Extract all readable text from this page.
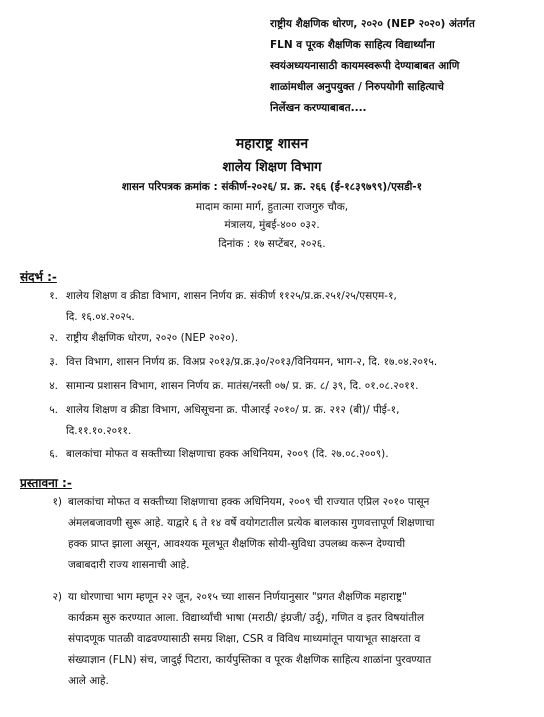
राष्ट्रीय शैक्षणिक धोरण, २०२० (NEP २०२०) अंतर्गत
FLN व पूरक शैक्षणिक साहित्य विद्यार्थ्यांना
स्वयंअध्ययनासाठी कायमस्वरूपी देण्याबाबत आणि
शाळांमधील अनुपयुक्त / निरुपयोगी साहित्याचे
निर्लेखन करण्याबाबत....
महाराष्ट्र शासन
शालेय शिक्षण विभाग
शासन परिपत्रक क्रमांक : संकीर्ण-२०२६/ प्र. क्र. २६६ (ई-१८३९७९९)/एसडी-१
मादाम कामा मार्ग, हुतात्मा राजगुरु चौक,
मंत्रालय, मुंबई-४०० ०३२.
दिनांक : १७ सप्टेंबर, २०२६.
संदर्भ :-
१. शालेय शिक्षण व क्रीडा विभाग, शासन निर्णय क्र. संकीर्ण ११२५/प्र.क्र.२५१/२५/एसएम-१,
दि. १६.०४.२०२५.
२. राष्ट्रीय शैक्षणिक धोरण, २०२० (NEP २०२०).
३. वित्त विभाग, शासन निर्णय क्र. विअप्र २०१३/प्र.क्र.३०/२०१३/विनियमन, भाग-२, दि. १७.०४.२०१५.
४. सामान्य प्रशासन विभाग, शासन निर्णय क्र. मातंस/नस्ती ०७/ प्र. क्र. ८/ ३९, दि. ०१.०८.२०११.
५. शालेय शिक्षण व क्रीडा विभाग, अधिसूचना क्र. पीआरई २०१०/ प्र. क्र. २१२ (बी)/ पीई-१,
दि.११.१०.२०११.
६. बालकांचा मोफत व सक्तीच्या शिक्षणाचा हक्क अधिनियम, २००९ (दि. २७.०८.२००९).
प्रस्तावना :-
१) बालकांचा मोफत व सक्तीच्या शिक्षणाचा हक्क अधिनियम, २००९ ची राज्यात एप्रिल २०१० पासून
अंमलबजावणी सुरू आहे. याद्वारे ६ ते १४ वर्षे वयोगटातील प्रत्येक बालकास गुणवत्तापूर्ण शिक्षणाचा
हक्क प्राप्त झाला असून, आवश्यक मूलभूत शैक्षणिक सोयी-सुविधा उपलब्ध करून देण्याची
जबाबदारी राज्य शासनाची आहे.
२) या धोरणाचा भाग म्हणून २२ जून, २०१५ च्या शासन निर्णयानुसार "प्रगत शैक्षणिक महाराष्ट्र"
कार्यक्रम सुरु करण्यात आला. विद्यार्थ्यांची भाषा (मराठी/ इंग्रजी/ उर्दू), गणित व इतर विषयांतील
संपादणूक पातळी वाढवण्यासाठी समग्र शिक्षा, CSR व विविध माध्यमांतून पायाभूत साक्षरता व
संख्याज्ञान (FLN) संच, जादुई पिटारा, कार्यपुस्तिका व पूरक शैक्षणिक साहित्य शाळांना पुरवण्यात
आले आहे.
